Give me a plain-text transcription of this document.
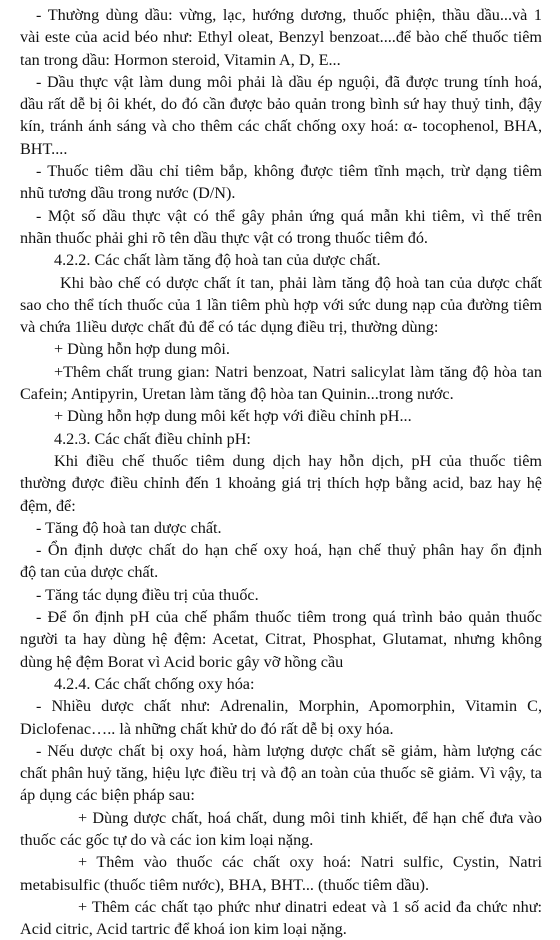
- Thường dùng dầu: vừng, lạc, hướng dương, thuốc phiện, thầu dầu...và 1
vài este của acid béo như: Ethyl oleat, Benzyl benzoat....để bào chế thuốc tiêm
tan trong dầu: Hormon steroid, Vitamin A, D, E...
- Dầu thực vật làm dung môi phải là dầu ép nguội, đã được trung tính hoá,
dầu rất dễ bị ôi khét, do đó cần được bảo quản trong bình sứ hay thuỷ tinh, đậy
kín, tránh ánh sáng và cho thêm các chất chống oxy hoá: α- tocophenol, BHA,
BHT....
- Thuốc tiêm dầu chỉ tiêm bắp, không được tiêm tĩnh mạch, trừ dạng tiêm
nhũ tương dầu trong nước (D/N).
- Một số dầu thực vật có thể gây phản ứng quá mẫn khi tiêm, vì thế trên
nhãn thuốc phải ghi rõ tên dầu thực vật có trong thuốc tiêm đó.
4.2.2. Các chất làm tăng độ hoà tan của dược chất.
Khi bào chế có dược chất ít tan, phải làm tăng độ hoà tan của dược chất
sao cho thể tích thuốc của 1 lần tiêm phù hợp với sức dung nạp của đường tiêm
và chứa 1liều dược chất đủ để có tác dụng điều trị, thường dùng:
+ Dùng hỗn hợp dung môi.
+Thêm chất trung gian: Natri benzoat, Natri salicylat làm tăng độ hòa tan
Cafein; Antipyrin, Uretan làm tăng độ hòa tan Quinin...trong nước.
+ Dùng hỗn hợp dung môi kết hợp với điều chỉnh pH...
4.2.3. Các chất điều chỉnh pH:
Khi điều chế thuốc tiêm dung dịch hay hỗn dịch, pH của thuốc tiêm
thường được điều chỉnh đến 1 khoảng giá trị thích hợp bằng acid, baz hay hệ
đệm, để:
- Tăng độ hoà tan dược chất.
- Ổn định dược chất do hạn chế oxy hoá, hạn chế thuỷ phân hay ổn định
độ tan của dược chất.
- Tăng tác dụng điều trị của thuốc.
- Để ổn định pH của chế phẩm thuốc tiêm trong quá trình bảo quản thuốc
người ta hay dùng hệ đệm: Acetat, Citrat, Phosphat, Glutamat, nhưng không
dùng hệ đệm Borat vì Acid boric gây vỡ hồng cầu
4.2.4. Các chất chống oxy hóa:
- Nhiều dược chất như: Adrenalin, Morphin, Apomorphin, Vitamin C,
Diclofenac….. là những chất khử do đó rất dễ bị oxy hóa.
- Nếu dược chất bị oxy hoá, hàm lượng dược chất sẽ giảm, hàm lượng các
chất phân huỷ tăng, hiệu lực điều trị và độ an toàn của thuốc sẽ giảm. Vì vậy, ta
áp dụng các biện pháp sau:
+ Dùng dược chất, hoá chất, dung môi tinh khiết, để hạn chế đưa vào
thuốc các gốc tự do và các ion kim loại nặng.
+ Thêm vào thuốc các chất oxy hoá: Natri sulfic, Cystin, Natri
metabisulfic (thuốc tiêm nước), BHA, BHT... (thuốc tiêm dầu).
+ Thêm các chất tạo phức như dinatri edeat và 1 số acid đa chức như:
Acid citric, Acid tartric để khoá ion kim loại nặng.
